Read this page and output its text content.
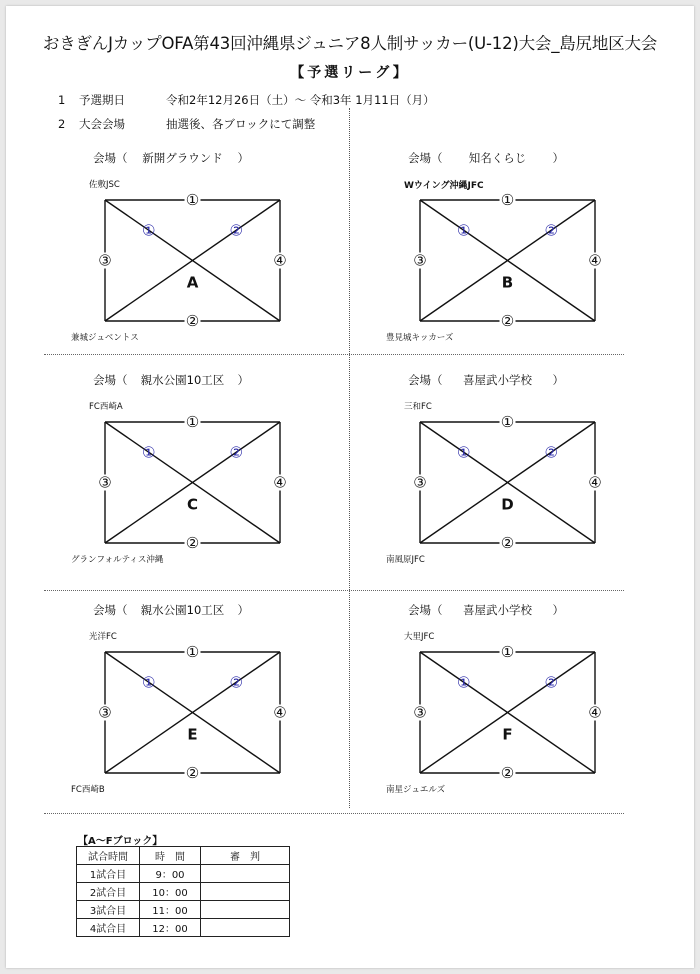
おきぎんJカップOFA第43回沖縄県ジュニア8人制サッカー(U-12)大会_島尻地区大会
【予選リーグ】
1 予選期日	令和2年12月26日（土）～ 令和3年 1月11日（月）
2 大会会場	抽選後、各ブロックにて調整
会場（ 新開グラウンド ）
佐敷JSC
兼城ジュベントス
①
②
③	④
①	②
A
会場（ 知名くらじ ）
Wウイング沖縄JFC
豊見城キッカーズ
①
②
③	④
①	②
B
会場（ 親水公園10工区 ）
FC西崎A
グランフォルティス沖縄
①
②
③	④
①	②
C
会場（ 喜屋武小学校 ）
三和FC
南風原JFC
①
②
③	④
①	②
D
会場（ 親水公園10工区 ）
光洋FC
FC西崎B
①
②
③	④
①	②
E
会場（ 喜屋武小学校 ）
大里JFC
南星ジュエルズ
①
②
③	④
①	②
F
【A～Fブロック】
試合時間	時　間	審　判
1試合目	9：00	
2試合目	10：00	
3試合目	11：00	
4試合目	12：00	
